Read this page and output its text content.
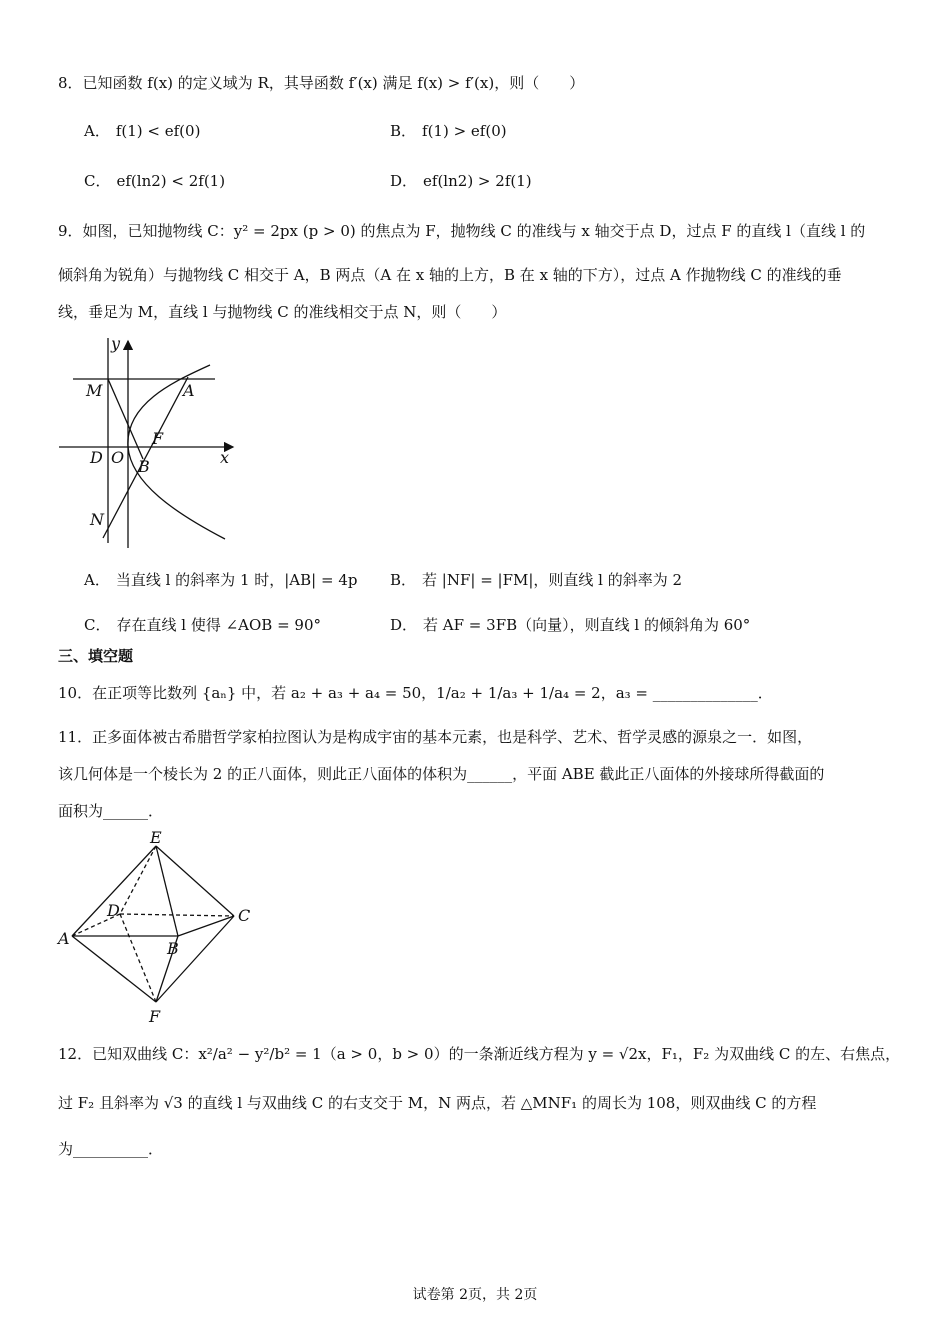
8．已知函数 f(x) 的定义域为 R，其导函数 f′(x) 满足 f(x) > f′(x)，则（　　）
A． f(1) < ef(0)	B． f(1) > ef(0)
C． ef(ln2) < 2f(1)	D． ef(ln2) > 2f(1)
9．如图，已知抛物线 C：y² = 2px (p > 0) 的焦点为 F，抛物线 C 的准线与 x 轴交于点 D，过点 F 的直线 l（直线 l 的
倾斜角为锐角）与抛物线 C 相交于 A，B 两点（A 在 x 轴的上方，B 在 x 轴的下方），过点 A 作抛物线 C 的准线的垂
线，垂足为 M，直线 l 与抛物线 C 的准线相交于点 N，则（　　）
y
x
M	A
F
D O B
N
A． 当直线 l 的斜率为 1 时，|AB| = 4p B． 若 |NF| = |FM|，则直线 l 的斜率为 2
C． 存在直线 l 使得 ∠AOB = 90°	D． 若 AF = 3FB（向量），则直线 l 的倾斜角为 60°
三、填空题
10．在正项等比数列 {aₙ} 中，若 a₂ + a₃ + a₄ = 50，1/a₂ + 1/a₃ + 1/a₄ = 2，a₃ = ______________．
11．正多面体被古希腊哲学家柏拉图认为是构成宇宙的基本元素，也是科学、艺术、哲学灵感的源泉之一．如图，
该几何体是一个棱长为 2 的正八面体，则此正八面体的体积为______，平面 ABE 截此正八面体的外接球所得截面的
面积为______．
E
D	C
A
B
F
12．已知双曲线 C：x²/a² − y²/b² = 1（a > 0，b > 0）的一条渐近线方程为 y = √2x，F₁，F₂ 为双曲线 C 的左、右焦点，
过 F₂ 且斜率为 √3 的直线 l 与双曲线 C 的右支交于 M，N 两点，若 △MNF₁ 的周长为 108，则双曲线 C 的方程
为__________．
试卷第 2页，共 2页
